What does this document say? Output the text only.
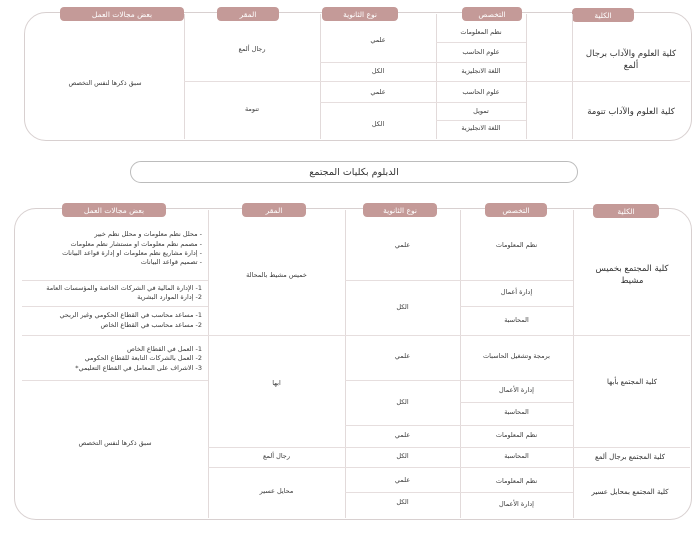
الكلية
التخصص
نوع الثانوية
المقر
بعض مجالات العمل
كلية العلوم والآداب برجال ألمع
كلية العلوم والآداب تنومة
نظم المعلومات
علوم الحاسب
اللغة الانجليزية
علوم الحاسب
تمويل
اللغة الانجليزية
علمي
الكل
علمي
الكل
رجال ألمع
تنومة
سبق ذكرها لنفس التخصص
الدبلوم بكليات المجتمع
الكلية
التخصص
نوع الثانوية
المقر
بعض مجالات العمل
كلية المجتمع بخميس مشيط
كلية المجتمع بأبها
كلية المجتمع برجال ألمع
كلية المجتمع بمحايل عسير
نظم المعلومات
إدارة أعمال
المحاسبة
برمجة وتشغيل الحاسبات
إدارة الأعمال
المحاسبة
نظم المعلومات
المحاسبة
نظم المعلومات
إدارة الأعمال
علمي
الكل
علمي
الكل
علمي
الكل
علمي
الكل
خميس مشيط بالمحالة
ابها
رجال ألمع
محايل عسير
- محلل نظم معلومات و محلل نظم خبير
- مصمم نظم معلومات او مستشار نظم معلومات
- إدارة مشاريع نظم معلومات او إدارة قواعد البيانات
- تصميم قواعد البيانات
1- الإدارة المالية في الشركات الخاصة والمؤسسات العامة
2- إدارة الموارد البشرية
1- مساعد محاسب في القطاع الحكومي وغير الربحي
2- مساعد محاسب في القطاع الخاص
1- العمل في القطاع الخاص
2- العمل بالشركات التابعة للقطاع الحكومي
3- الاشراف على المعامل في القطاع التعليمي*
سبق ذكرها لنفس التخصص
